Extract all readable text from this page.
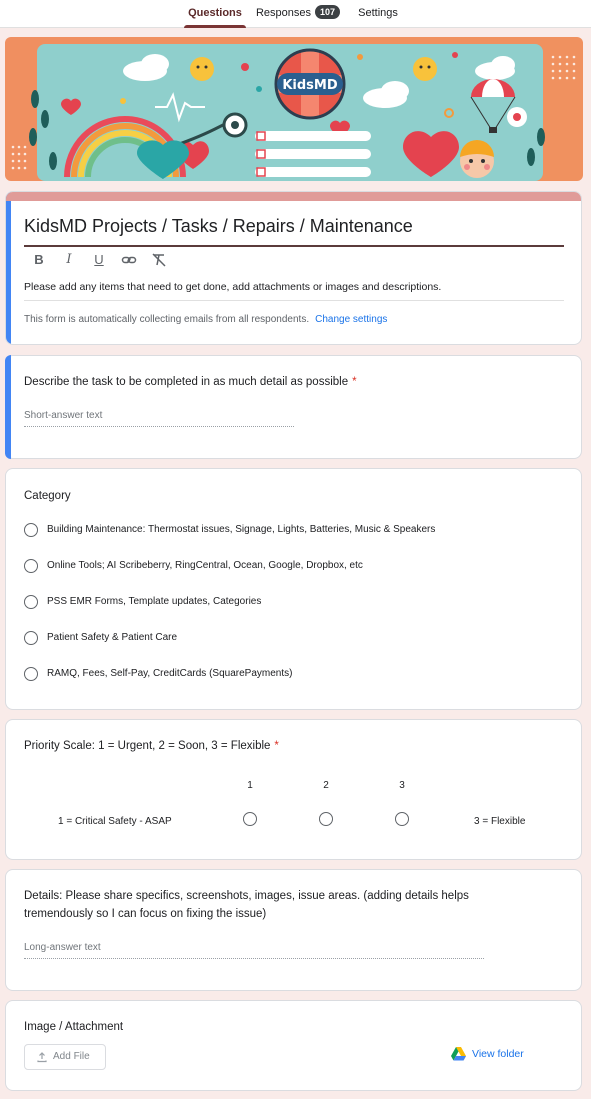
Questions	Responses 107	Settings
KidsMD
KidsMD Projects / Tasks / Repairs / Maintenance
B	I	U
Please add any items that need to get done, add attachments or images and descriptions.
This form is automatically collecting emails from all respondents. Change settings
Describe the task to be completed in as much detail as possible *
Short-answer text
Category
Building Maintenance: Thermostat issues, Signage, Lights, Batteries, Music & Speakers
Online Tools; AI Scribeberry, RingCentral, Ocean, Google, Dropbox, etc
PSS EMR Forms, Template updates, Categories
Patient Safety & Patient Care
RAMQ, Fees, Self-Pay, CreditCards (SquarePayments)
Priority Scale: 1 = Urgent, 2 = Soon, 3 = Flexible *
1	2	3
1 = Critical Safety - ASAP	3 = Flexible
Details: Please share specifics, screenshots, images, issue areas. (adding details helps
tremendously so I can focus on fixing the issue)
Long-answer text
Image / Attachment
Add File	View folder
